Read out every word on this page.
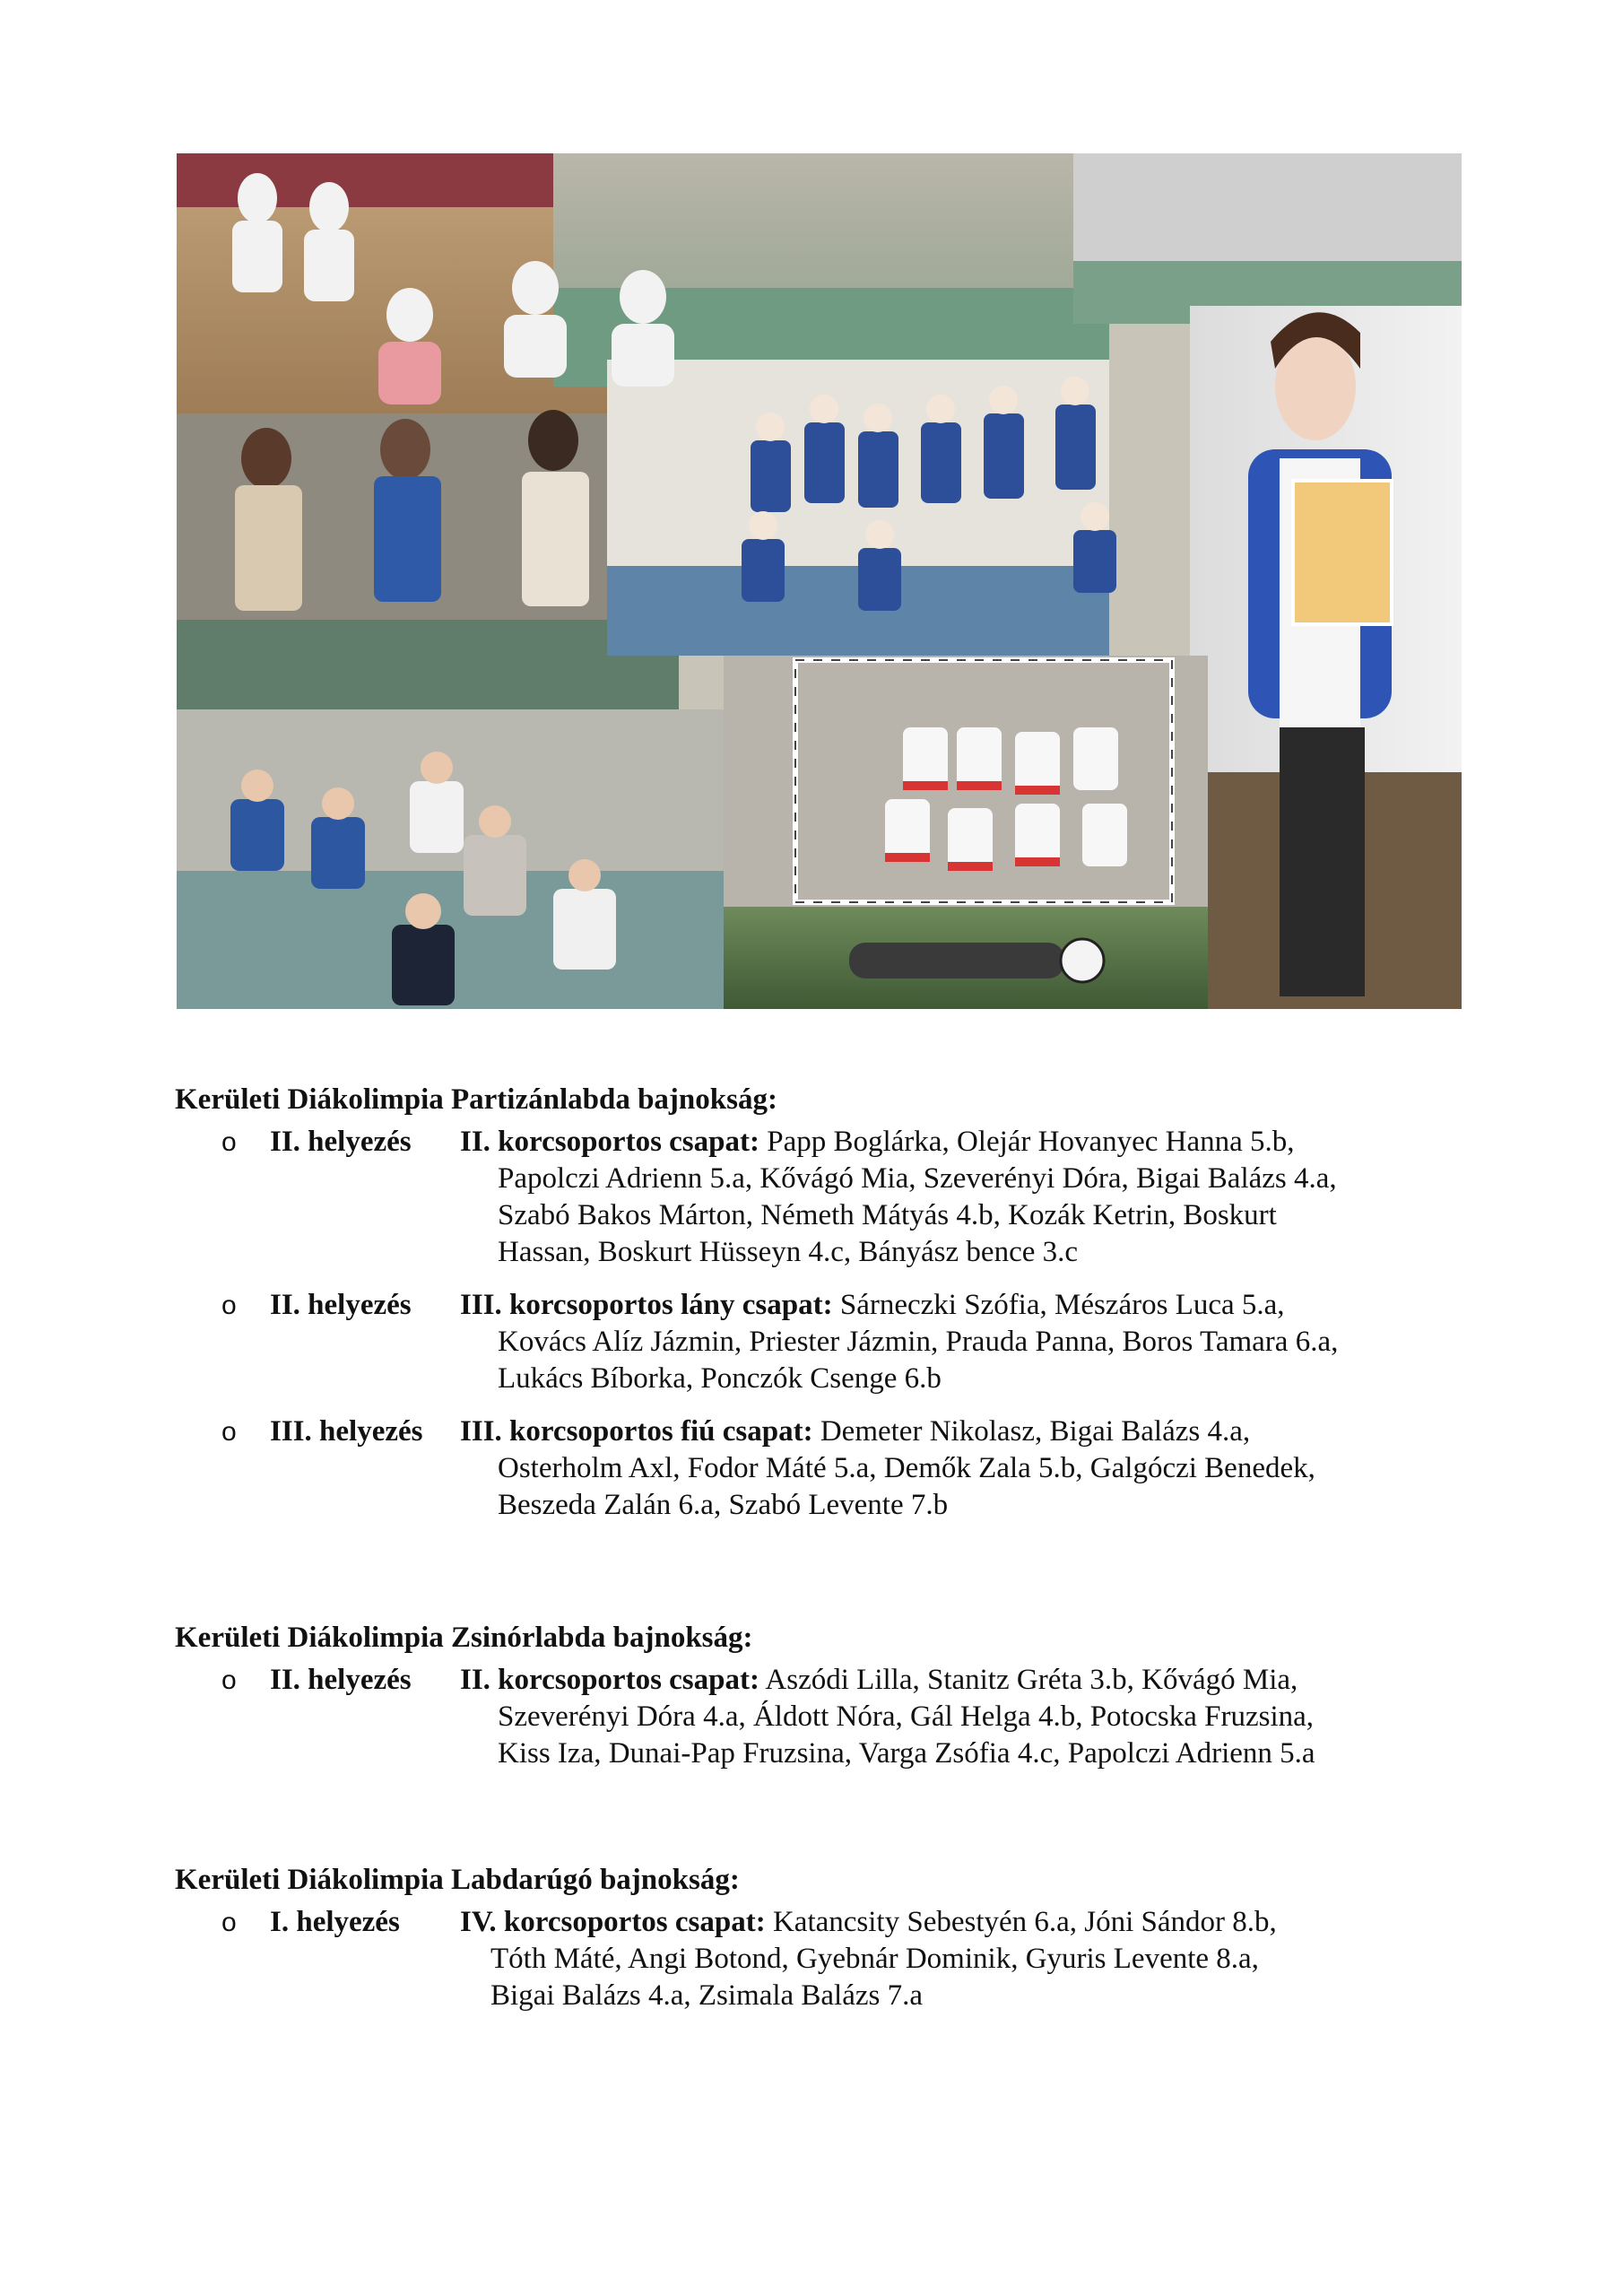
Kerületi Diákolimpia Partizánlabda bajnokság:

o II. helyezés II. korcsoportos csapat: Papp Boglárka, Olejár Hovanyec Hanna 5.b,
Papolczi Adrienn 5.a, Kővágó Mia, Szeverényi Dóra, Bigai Balázs 4.a,
Szabó Bakos Márton, Németh Mátyás 4.b, Kozák Ketrin, Boskurt
Hassan, Boskurt Hüsseyn 4.c, Bányász bence 3.c
o II. helyezés III. korcsoportos lány csapat: Sárneczki Szófia, Mészáros Luca 5.a,
Kovács Alíz Jázmin, Priester Jázmin, Prauda Panna, Boros Tamara 6.a,
Lukács Bíborka, Ponczók Csenge 6.b
o III. helyezés III. korcsoportos fiú csapat: Demeter Nikolasz, Bigai Balázs 4.a,
Osterholm Axl, Fodor Máté 5.a, Demők Zala 5.b, Galgóczi Benedek,
Beszeda Zalán 6.a, Szabó Levente 7.b

Kerületi Diákolimpia Zsinórlabda bajnokság:

o II. helyezés II. korcsoportos csapat: Aszódi Lilla, Stanitz Gréta 3.b, Kővágó Mia,
Szeverényi Dóra 4.a, Áldott Nóra, Gál Helga 4.b, Potocska Fruzsina,
Kiss Iza, Dunai-Pap Fruzsina, Varga Zsófia 4.c, Papolczi Adrienn 5.a

Kerületi Diákolimpia Labdarúgó bajnokság:

o I. helyezés IV. korcsoportos csapat: Katancsity Sebestyén 6.a, Jóni Sándor 8.b,
Tóth Máté, Angi Botond, Gyebnár Dominik, Gyuris Levente 8.a,
Bigai Balázs 4.a, Zsimala Balázs 7.a
